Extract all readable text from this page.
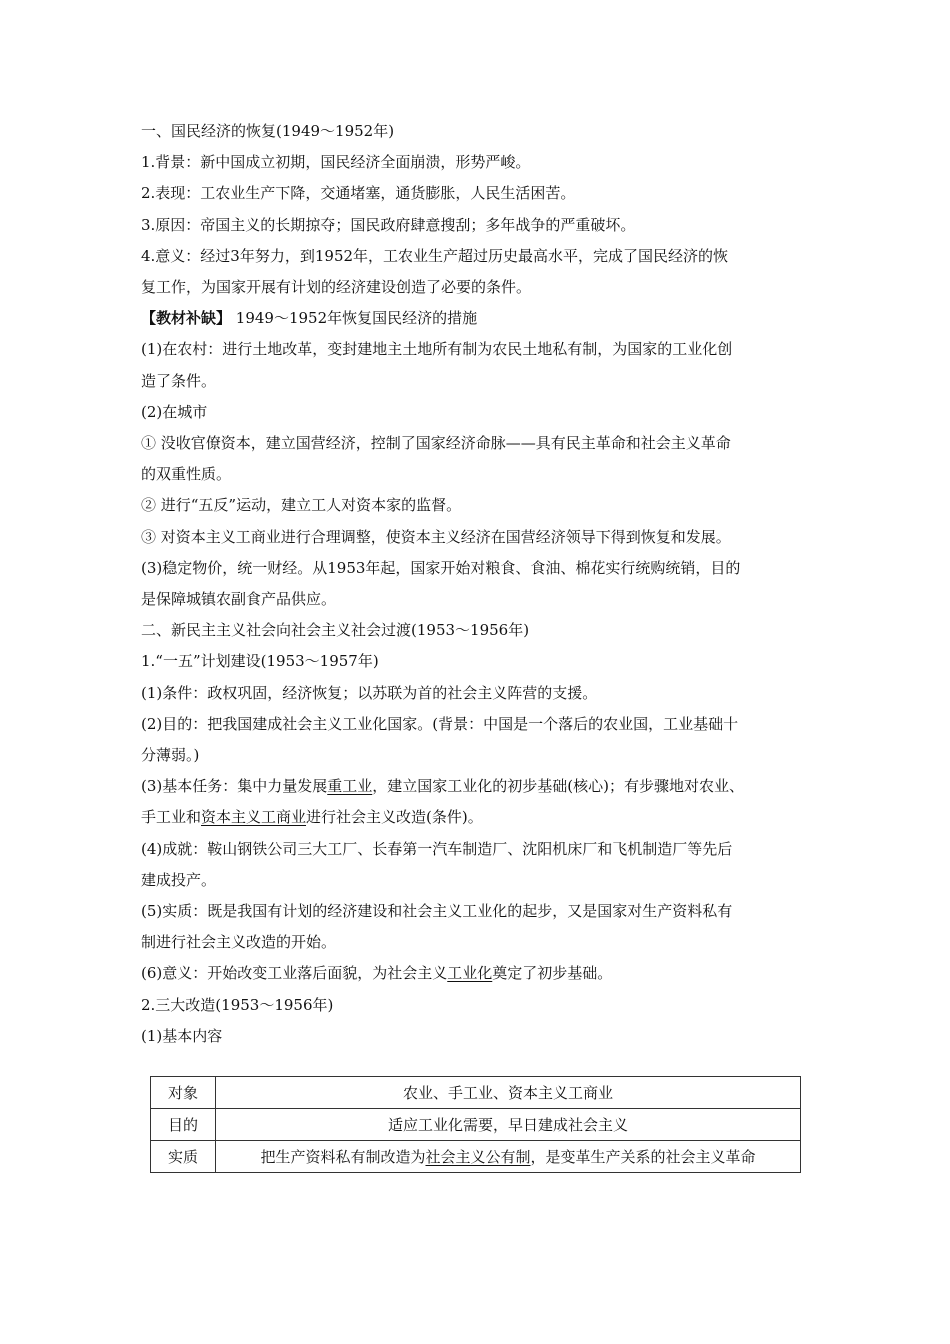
一、国民经济的恢复(1949～1952年)

1.背景：新中国成立初期，国民经济全面崩溃，形势严峻。

2.表现：工农业生产下降，交通堵塞，通货膨胀，人民生活困苦。

3.原因：帝国主义的长期掠夺；国民政府肆意搜刮；多年战争的严重破坏。

4.意义：经过3年努力，到1952年，工农业生产超过历史最高水平，完成了国民经济的恢

复工作，为国家开展有计划的经济建设创造了必要的条件。

【教材补缺】 1949～1952年恢复国民经济的措施

(1)在农村：进行土地改革，变封建地主土地所有制为农民土地私有制，为国家的工业化创

造了条件。

(2)在城市

① 没收官僚资本，建立国营经济，控制了国家经济命脉——具有民主革命和社会主义革命

的双重性质。

② 进行“五反”运动，建立工人对资本家的监督。

③ 对资本主义工商业进行合理调整，使资本主义经济在国营经济领导下得到恢复和发展。

(3)稳定物价，统一财经。从1953年起，国家开始对粮食、食油、棉花实行统购统销，目的

是保障城镇农副食产品供应。

二、新民主主义社会向社会主义社会过渡(1953～1956年)

1.“一五”计划建设(1953～1957年)

(1)条件：政权巩固，经济恢复；以苏联为首的社会主义阵营的支援。

(2)目的：把我国建成社会主义工业化国家。(背景：中国是一个落后的农业国，工业基础十

分薄弱。)

(3)基本任务：集中力量发展重工业，建立国家工业化的初步基础(核心)；有步骤地对农业、

手工业和资本主义工商业进行社会主义改造(条件)。

(4)成就：鞍山钢铁公司三大工厂、长春第一汽车制造厂、沈阳机床厂和飞机制造厂等先后

建成投产。

(5)实质：既是我国有计划的经济建设和社会主义工业化的起步，又是国家对生产资料私有

制进行社会主义改造的开始。

(6)意义：开始改变工业落后面貌，为社会主义工业化奠定了初步基础。

2.三大改造(1953～1956年)

(1)基本内容

对象	农业、手工业、资本主义工商业
目的	适应工业化需要，早日建成社会主义
实质	把生产资料私有制改造为社会主义公有制，是变革生产关系的社会主义革命
